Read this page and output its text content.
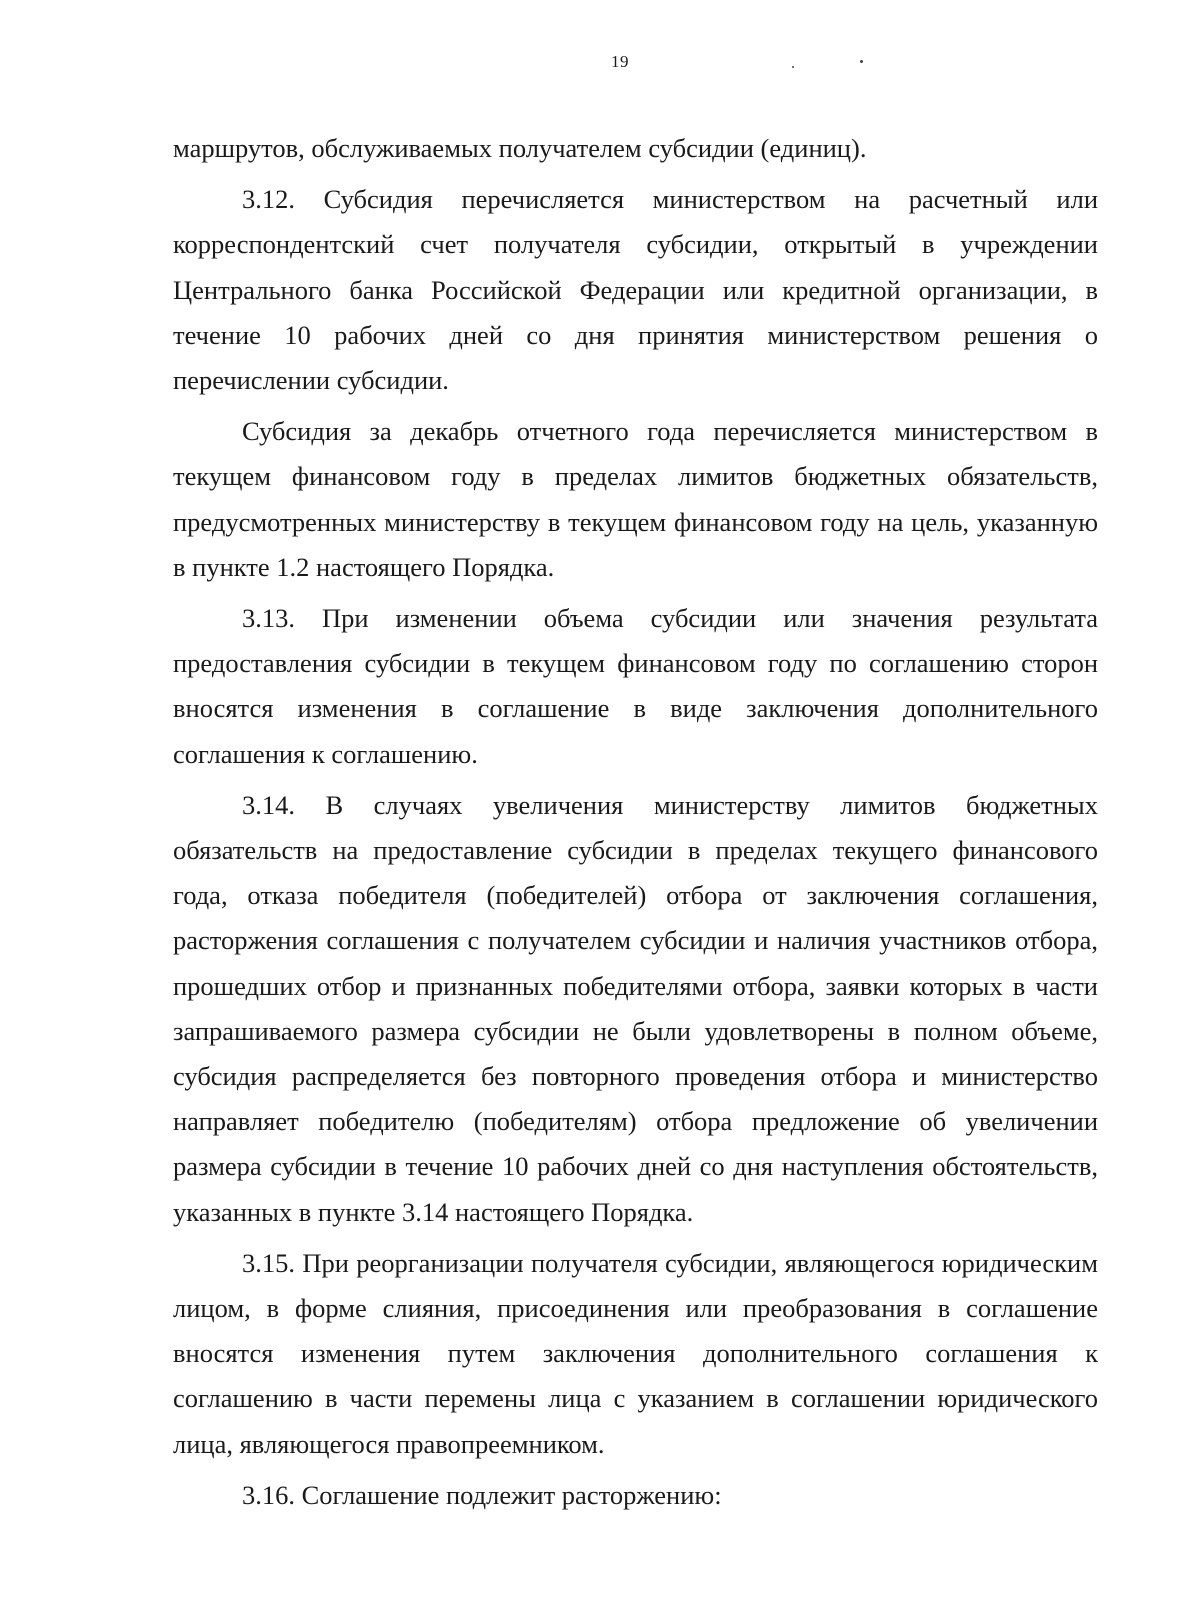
19

маршрутов, обслуживаемых получателем субсидии (единиц).

3.12. Субсидия перечисляется министерством на расчетный или корреспондентский счет получателя субсидии, открытый в учреждении Центрального банка Российской Федерации или кредитной организации, в течение 10 рабочих дней со дня принятия министерством решения о перечислении субсидии.

Субсидия за декабрь отчетного года перечисляется министерством в текущем финансовом году в пределах лимитов бюджетных обязательств, предусмотренных министерству в текущем финансовом году на цель, указанную в пункте 1.2 настоящего Порядка.

3.13. При изменении объема субсидии или значения результата предоставления субсидии в текущем финансовом году по соглашению сторон вносятся изменения в соглашение в виде заключения дополнительного соглашения к соглашению.

3.14. В случаях увеличения министерству лимитов бюджетных обязательств на предоставление субсидии в пределах текущего финансового года, отказа победителя (победителей) отбора от заключения соглашения, расторжения соглашения с получателем субсидии и наличия участников отбора, прошедших отбор и признанных победителями отбора, заявки которых в части запрашиваемого размера субсидии не были удовлетворены в полном объеме, субсидия распределяется без повторного проведения отбора и министерство направляет победителю (победителям) отбора предложение об увеличении размера субсидии в течение 10 рабочих дней со дня наступления обстоятельств, указанных в пункте 3.14 настоящего Порядка.

3.15. При реорганизации получателя субсидии, являющегося юридическим лицом, в форме слияния, присоединения или преобразования в соглашение вносятся изменения путем заключения дополнительного соглашения к соглашению в части перемены лица с указанием в соглашении юридического лица, являющегося правопреемником.

3.16. Соглашение подлежит расторжению:
